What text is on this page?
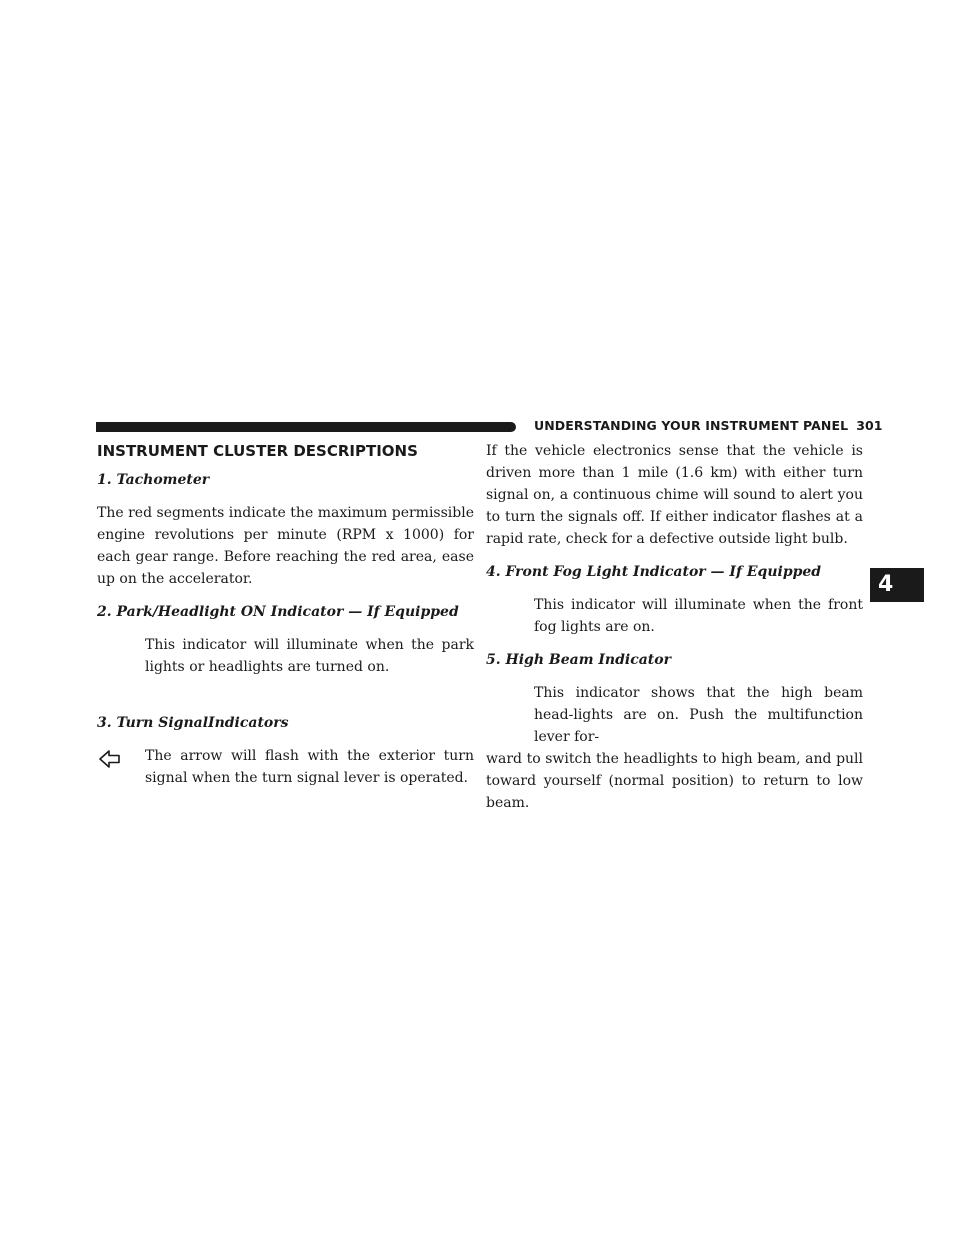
UNDERSTANDING YOUR INSTRUMENT PANEL 301
4
INSTRUMENT CLUSTER DESCRIPTIONS
1. Tachometer

The red segments indicate the maximum permissible engine revolutions per minute (RPM x 1000) for each gear range. Before reaching the red area, ease up on the accelerator.

2. Park/Headlight ON Indicator — If Equipped

This indicator will illuminate when the park lights or headlights are turned on.

3. Turn SignalIndicators

The arrow will flash with the exterior turn signal when the turn signal lever is operated.

If the vehicle electronics sense that the vehicle is driven more than 1 mile (1.6 km) with either turn signal on, a continuous chime will sound to alert you to turn the signals off. If either indicator flashes at a rapid rate, check for a defective outside light bulb.

4. Front Fog Light Indicator — If Equipped

This indicator will illuminate when the front fog lights are on.

5. High Beam Indicator

This indicator shows that the high beam head-lights are on. Push the multifunction lever for-

ward to switch the headlights to high beam, and pull toward yourself (normal position) to return to low beam.
